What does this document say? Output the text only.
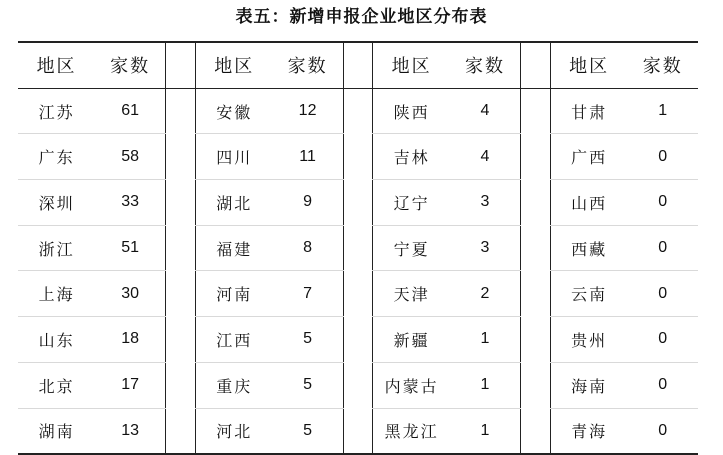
表五：新增申报企业地区分布表
地区	家数		地区	家数		地区	家数		地区	家数
江苏	61		安徽	12		陕西	4		甘肃	1
广东	58		四川	11		吉林	4		广西	0
深圳	33		湖北	9		辽宁	3		山西	0
浙江	51		福建	8		宁夏	3		西藏	0
上海	30		河南	7		天津	2		云南	0
山东	18		江西	5		新疆	1		贵州	0
北京	17		重庆	5		内蒙古	1		海南	0
湖南	13		河北	5		黑龙江	1		青海	0
